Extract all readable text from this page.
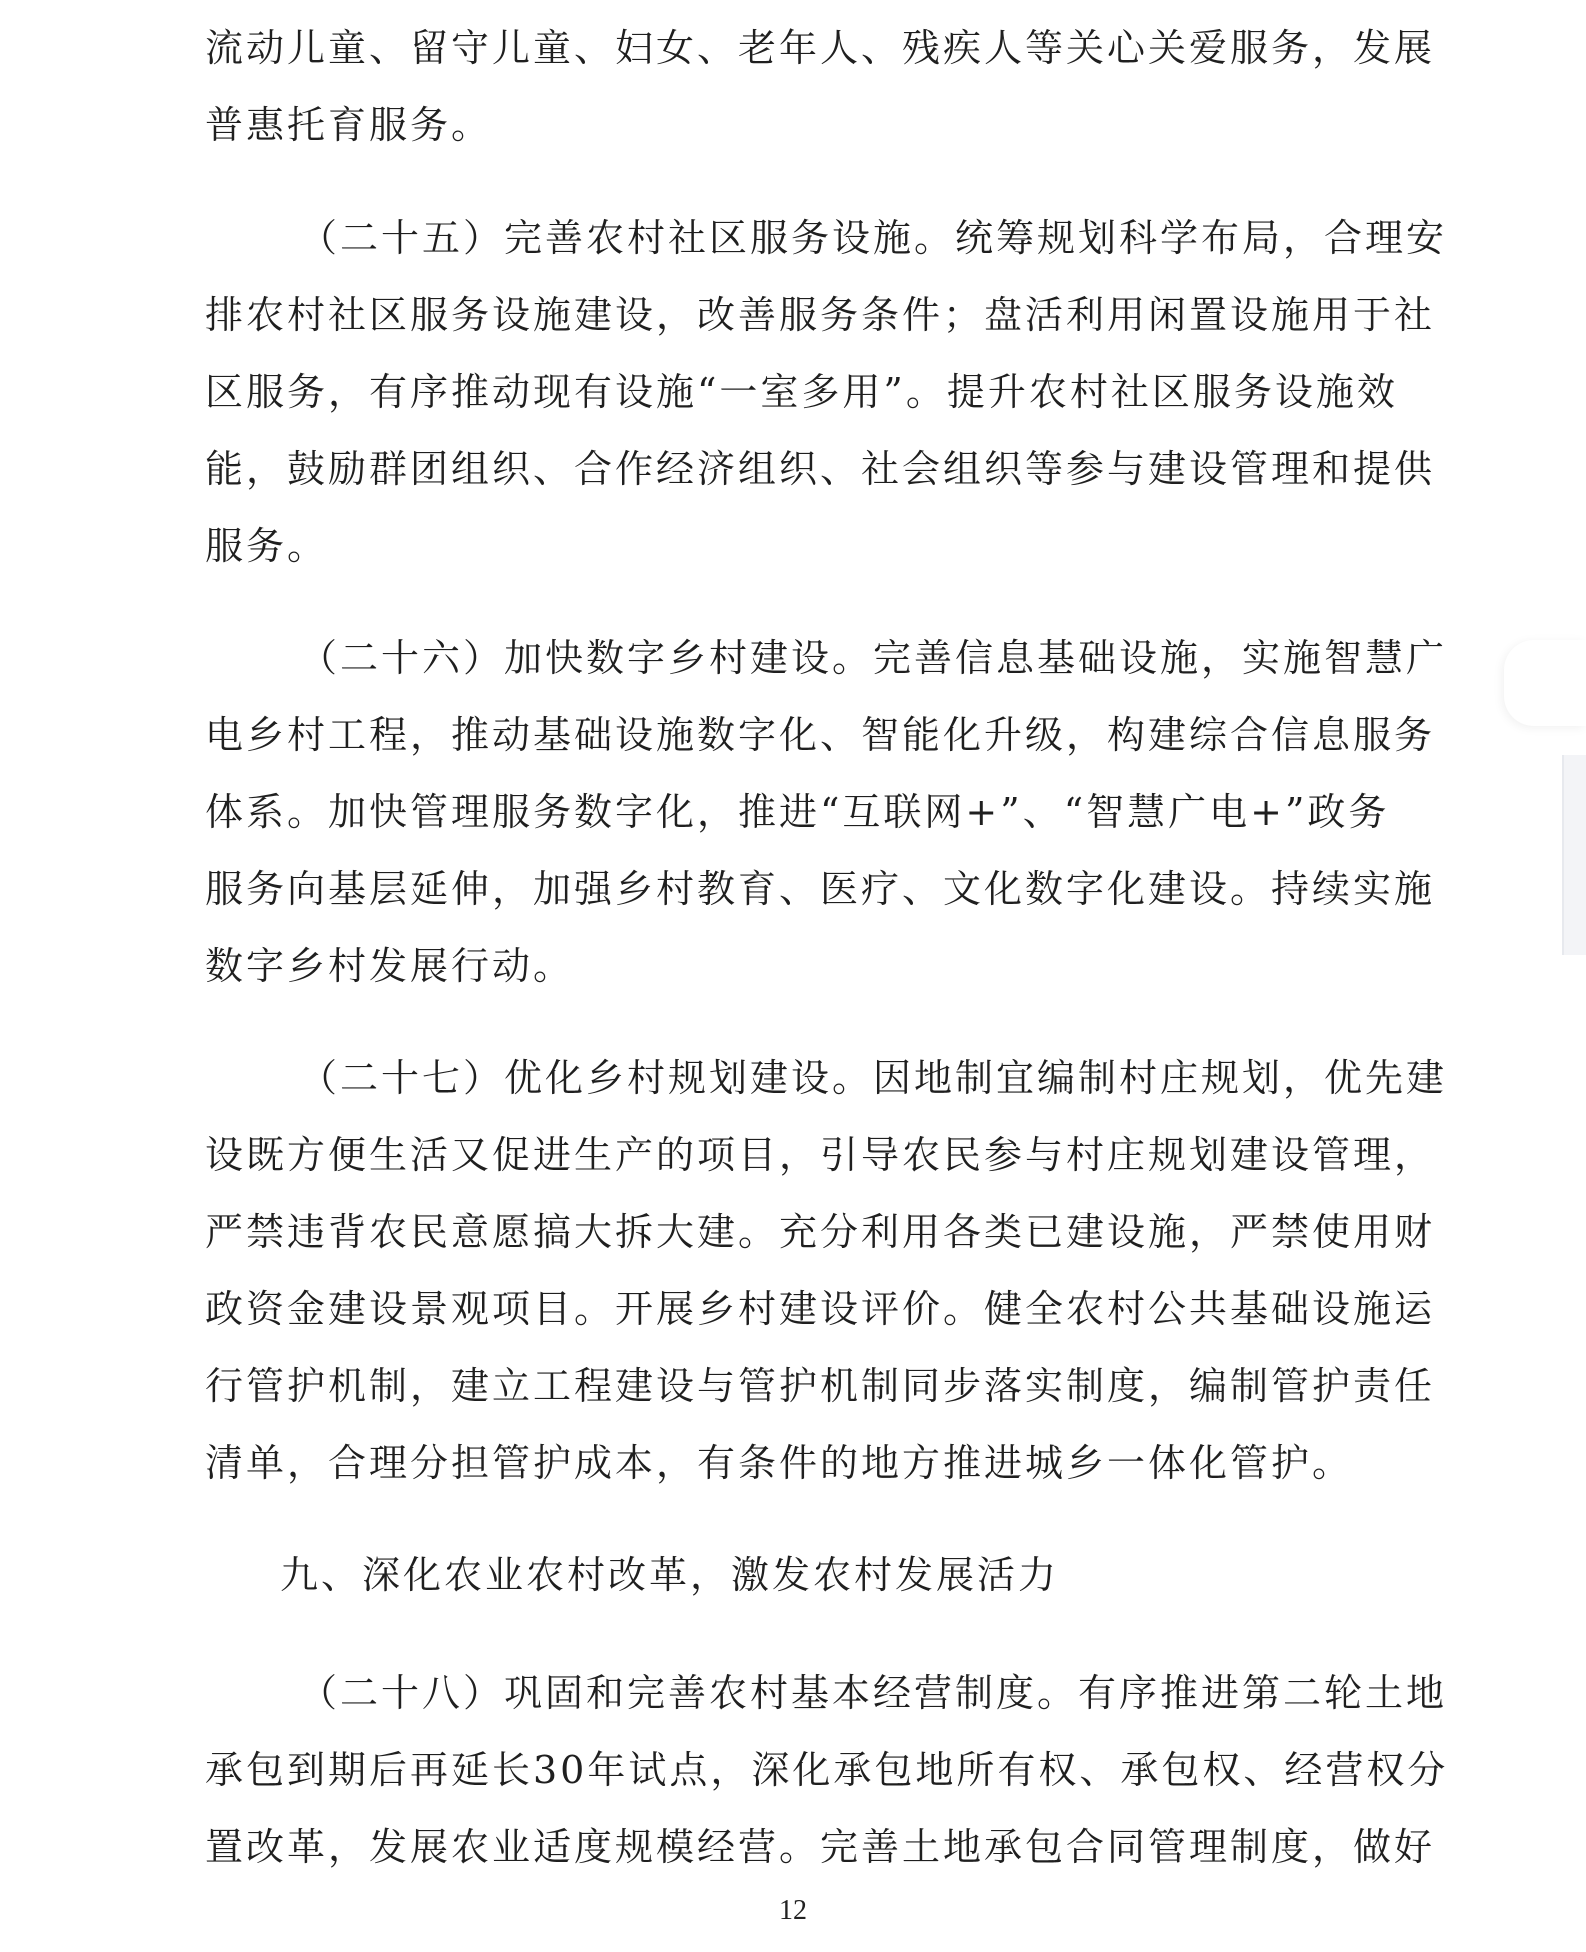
流动儿童、留守儿童、妇女、老年人、残疾人等关心关爱服务，发展
普惠托育服务。
（二十五）完善农村社区服务设施。统筹规划科学布局，合理安
排农村社区服务设施建设，改善服务条件；盘活利用闲置设施用于社
区服务，有序推动现有设施“一室多用”。提升农村社区服务设施效
能，鼓励群团组织、合作经济组织、社会组织等参与建设管理和提供
服务。
（二十六）加快数字乡村建设。完善信息基础设施，实施智慧广
电乡村工程，推动基础设施数字化、智能化升级，构建综合信息服务
体系。加快管理服务数字化，推进“互联网+”、“智慧广电+”政务
服务向基层延伸，加强乡村教育、医疗、文化数字化建设。持续实施
数字乡村发展行动。
（二十七）优化乡村规划建设。因地制宜编制村庄规划，优先建
设既方便生活又促进生产的项目，引导农民参与村庄规划建设管理，
严禁违背农民意愿搞大拆大建。充分利用各类已建设施，严禁使用财
政资金建设景观项目。开展乡村建设评价。健全农村公共基础设施运
行管护机制，建立工程建设与管护机制同步落实制度，编制管护责任
清单，合理分担管护成本，有条件的地方推进城乡一体化管护。
九、深化农业农村改革，激发农村发展活力
（二十八）巩固和完善农村基本经营制度。有序推进第二轮土地
承包到期后再延长30年试点，深化承包地所有权、承包权、经营权分
置改革，发展农业适度规模经营。完善土地承包合同管理制度，做好
12
